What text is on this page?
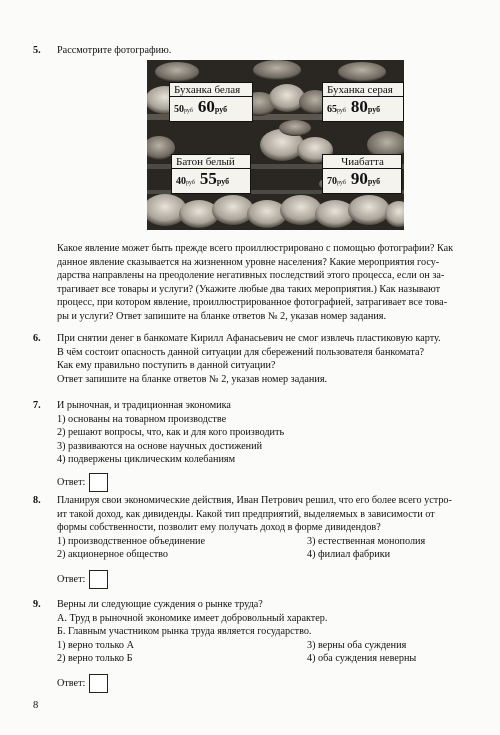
5. Рассмотрите фотографию.
Буханка белая
50 руб 60 руб
Буханка серая
65 руб 80 руб
Батон белый
40 руб 55 руб
Чиабатта
70 руб 90 руб
Какое явление может быть прежде всего проиллюстрировано с помощью фотографии? Как
данное явление сказывается на жизненном уровне населения? Какие мероприятия госу-
дарства направлены на преодоление негативных последствий этого процесса, если он за-
трагивает все товары и услуги? (Укажите любые два таких мероприятия.) Как называют
процесс, при котором явление, проиллюстрированное фотографией, затрагивает все това-
ры и услуги? Ответ запишите на бланке ответов № 2, указав номер задания.
6. При снятии денег в банкомате Кирилл Афанасьевич не смог извлечь пластиковую карту.
В чём состоит опасность данной ситуации для сбережений пользователя банкомата?
Как ему правильно поступить в данной ситуации?
Ответ запишите на бланке ответов № 2, указав номер задания.
7. И рыночная, и традиционная экономика
1) основаны на товарном производстве
2) решают вопросы, что, как и для кого производить
3) развиваются на основе научных достижений
4) подвержены циклическим колебаниям
Ответ:
8. Планируя свои экономические действия, Иван Петрович решил, что его более всего устро-
ит такой доход, как дивиденды. Какой тип предприятий, выделяемых в зависимости от
формы собственности, позволит ему получать доход в форме дивидендов?
1) производственное объединение	3) естественная монополия
2) акционерное общество	4) филиал фабрики
Ответ:
9. Верны ли следующие суждения о рынке труда?
А. Труд в рыночной экономике имеет добровольный характер.
Б. Главным участником рынка труда является государство.
1) верно только А	3) верны оба суждения
2) верно только Б	4) оба суждения неверны
Ответ:
8
